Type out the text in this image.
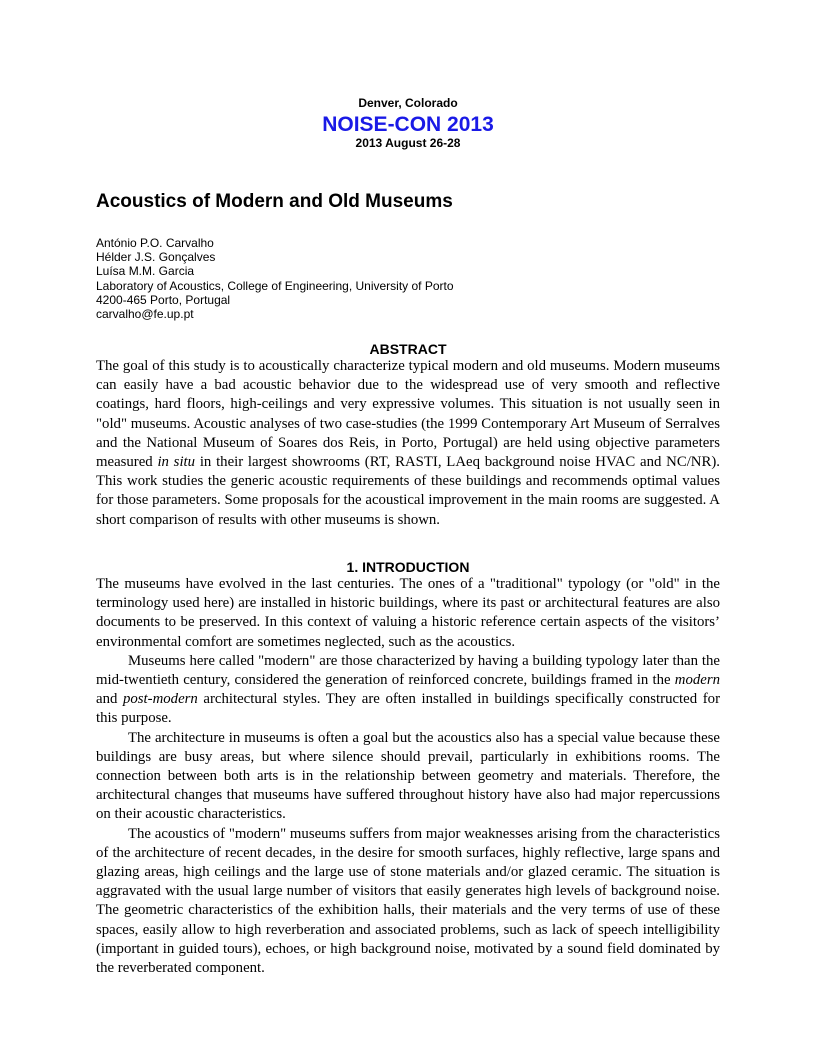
Denver, Colorado
NOISE-CON 2013
2013 August 26-28
Acoustics of Modern and Old Museums
António P.O. Carvalho
Hélder J.S. Gonçalves
Luísa M.M. Garcia
Laboratory of Acoustics, College of Engineering, University of Porto
4200-465 Porto, Portugal
carvalho@fe.up.pt
ABSTRACT

The goal of this study is to acoustically characterize typical modern and old museums. Modern museums can easily have a bad acoustic behavior due to the widespread use of very smooth and reflective coatings, hard floors, high-ceilings and very expressive volumes. This situation is not usually seen in "old" museums. Acoustic analyses of two case-studies (the 1999 Contemporary Art Museum of Serralves and the National Museum of Soares dos Reis, in Porto, Portugal) are held using objective parameters measured in situ in their largest showrooms (RT, RASTI, LAeq background noise HVAC and NC/NR). This work studies the generic acoustic requirements of these buildings and recommends optimal values for those parameters. Some proposals for the acoustical improvement in the main rooms are suggested. A short comparison of results with other museums is shown.

1. INTRODUCTION

The museums have evolved in the last centuries. The ones of a "traditional" typology (or "old" in the terminology used here) are installed in historic buildings, where its past or architectural features are also documents to be preserved. In this context of valuing a historic reference certain aspects of the visitors’ environmental comfort are sometimes neglected, such as the acoustics.

Museums here called "modern" are those characterized by having a building typology later than the mid-twentieth century, considered the generation of reinforced concrete, buildings framed in the modern and post-modern architectural styles. They are often installed in buildings specifically constructed for this purpose.

The architecture in museums is often a goal but the acoustics also has a special value because these buildings are busy areas, but where silence should prevail, particularly in exhibitions rooms. The connection between both arts is in the relationship between geometry and materials. Therefore, the architectural changes that museums have suffered throughout history have also had major repercussions on their acoustic characteristics.

The acoustics of "modern" museums suffers from major weaknesses arising from the characteristics of the architecture of recent decades, in the desire for smooth surfaces, highly reflective, large spans and glazing areas, high ceilings and the large use of stone materials and/or glazed ceramic. The situation is aggravated with the usual large number of visitors that easily generates high levels of background noise. The geometric characteristics of the exhibition halls, their materials and the very terms of use of these spaces, easily allow to high reverberation and associated problems, such as lack of speech intelligibility (important in guided tours), echoes, or high background noise, motivated by a sound field dominated by the reverberated component.
